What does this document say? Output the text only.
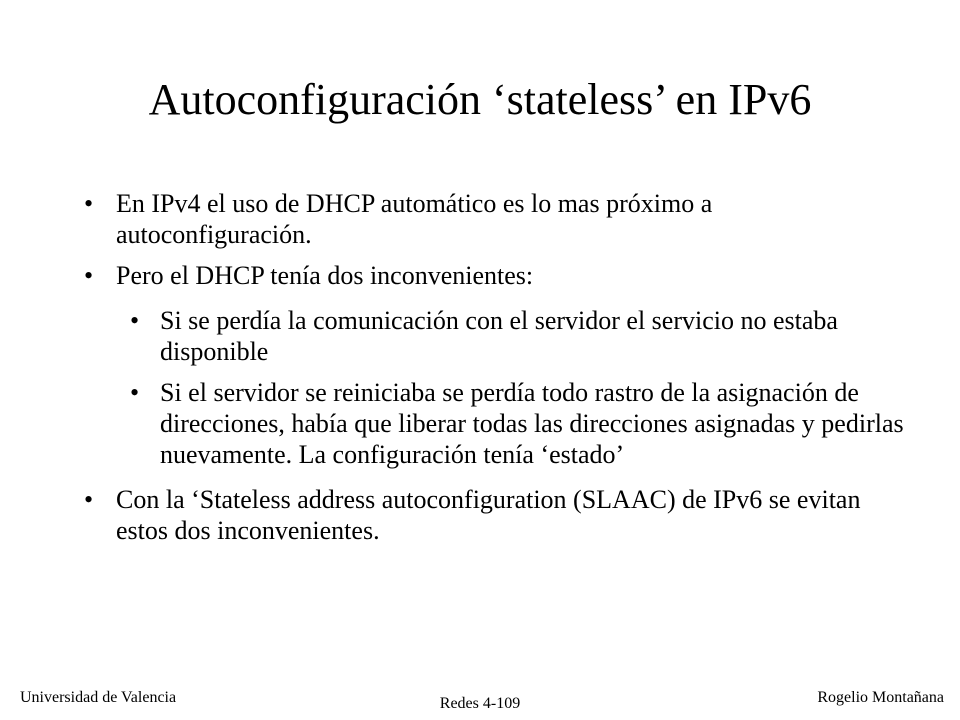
Autoconfiguración ‘stateless’ en IPv6
• En IPv4 el uso de DHCP automático es lo mas próximo a autoconfiguración.
• Pero el DHCP tenía dos inconvenientes:
• Si se perdía la comunicación con el servidor el servicio no estaba disponible
• Si el servidor se reiniciaba se perdía todo rastro de la asignación de direcciones, había que liberar todas las direcciones asignadas y pedirlas nuevamente. La configuración tenía ‘estado’
• Con la ‘Stateless address autoconfiguration (SLAAC) de IPv6 se evitan estos dos inconvenientes.
Universidad de Valencia	Redes 4-109	Rogelio Montañana
